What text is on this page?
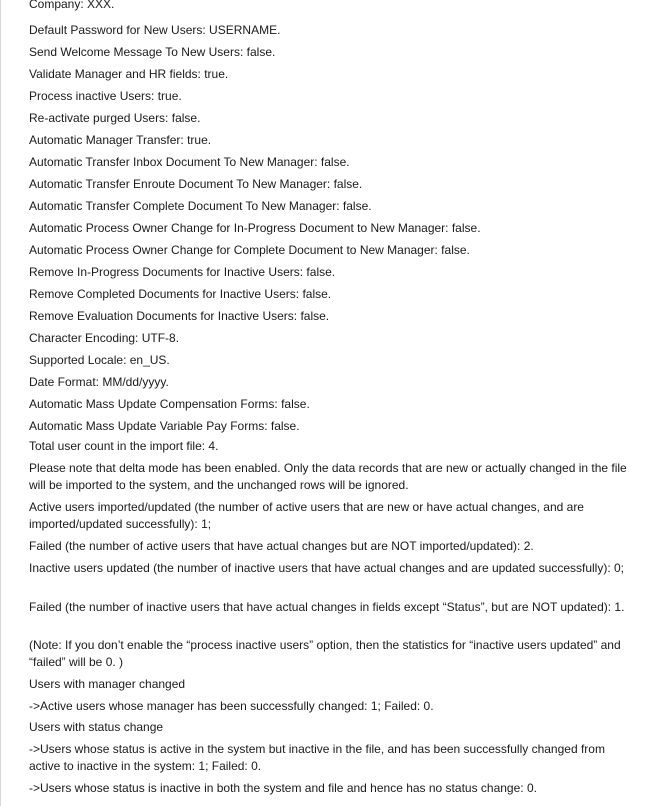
Company: XXX.
Default Password for New Users: USERNAME.
Send Welcome Message To New Users: false.
Validate Manager and HR fields: true.
Process inactive Users: true.
Re-activate purged Users: false.
Automatic Manager Transfer: true.
Automatic Transfer Inbox Document To New Manager: false.
Automatic Transfer Enroute Document To New Manager: false.
Automatic Transfer Complete Document To New Manager: false.
Automatic Process Owner Change for In-Progress Document to New Manager: false.
Automatic Process Owner Change for Complete Document to New Manager: false.
Remove In-Progress Documents for Inactive Users: false.
Remove Completed Documents for Inactive Users: false.
Remove Evaluation Documents for Inactive Users: false.
Character Encoding: UTF-8.
Supported Locale: en_US.
Date Format: MM/dd/yyyy.
Automatic Mass Update Compensation Forms: false.
Automatic Mass Update Variable Pay Forms: false.
Total user count in the import file: 4.
Please note that delta mode has been enabled. Only the data records that are new or actually changed in the file will be imported to the system, and the unchanged rows will be ignored.
Active users imported/updated (the number of active users that are new or have actual changes, and are imported/updated successfully): 1;
Failed (the number of active users that have actual changes but are NOT imported/updated): 2.
Inactive users updated (the number of inactive users that have actual changes and are updated successfully): 0;
Failed (the number of inactive users that have actual changes in fields except “Status”, but are NOT updated): 1.
(Note: If you don’t enable the “process inactive users” option, then the statistics for “inactive users updated” and “failed” will be 0. )
Users with manager changed
->Active users whose manager has been successfully changed: 1; Failed: 0.
Users with status change
->Users whose status is active in the system but inactive in the file, and has been successfully changed from active to inactive in the system: 1; Failed: 0.
->Users whose status is inactive in both the system and file and hence has no status change: 0.
